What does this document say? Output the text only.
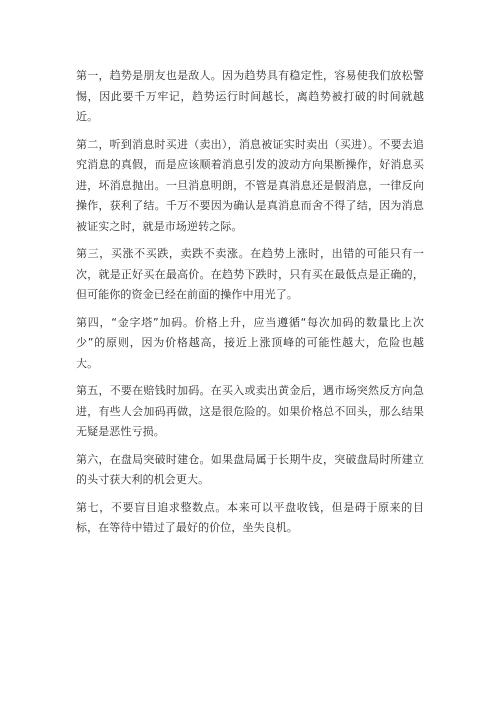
第一，趋势是朋友也是敌人。因为趋势具有稳定性，容易使我们放松警惕，因此要千万牢记，趋势运行时间越长，离趋势被打破的时间就越近。

第二，听到消息时买进（卖出），消息被证实时卖出（买进）。不要去追究消息的真假，而是应该顺着消息引发的波动方向果断操作，好消息买进，坏消息抛出。一旦消息明朗，不管是真消息还是假消息，一律反向操作，获利了结。千万不要因为确认是真消息而舍不得了结，因为消息被证实之时，就是市场逆转之际。

第三，买涨不买跌，卖跌不卖涨。在趋势上涨时，出错的可能只有一次，就是正好买在最高价。在趋势下跌时，只有买在最低点是正确的，但可能你的资金已经在前面的操作中用光了。

第四，“金字塔”加码。价格上升，应当遵循“每次加码的数量比上次少”的原则，因为价格越高，接近上涨顶峰的可能性越大，危险也越大。

第五，不要在赔钱时加码。在买入或卖出黄金后，遇市场突然反方向急进，有些人会加码再做，这是很危险的。如果价格总不回头，那么结果无疑是恶性亏损。

第六，在盘局突破时建仓。如果盘局属于长期牛皮，突破盘局时所建立的头寸获大利的机会更大。

第七，不要盲目追求整数点。本来可以平盘收钱，但是碍于原来的目标，在等待中错过了最好的价位，坐失良机。
